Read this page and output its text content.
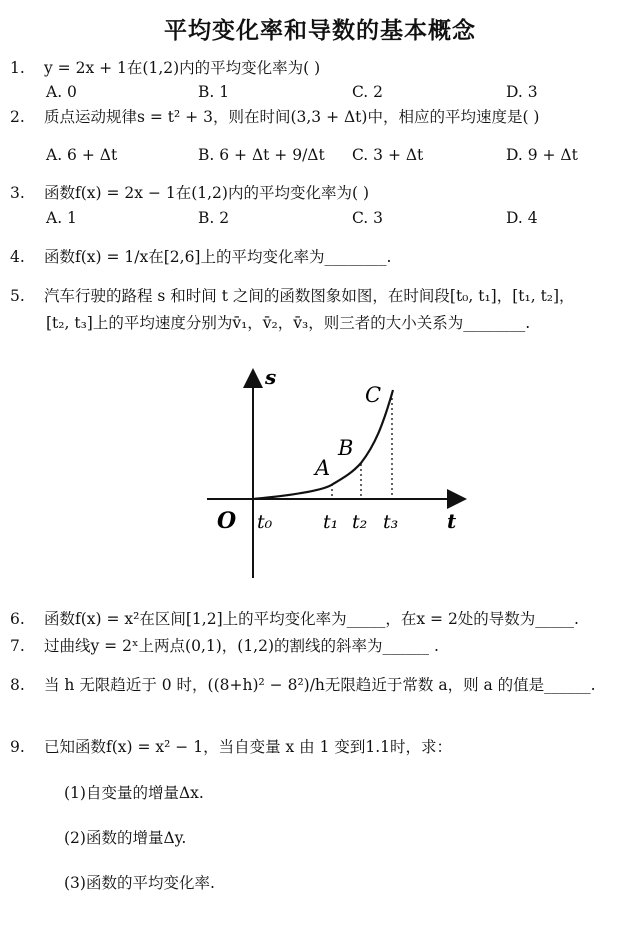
平均变化率和导数的基本概念
1. y = 2x + 1在(1,2)内的平均变化率为( )
A. 0	B. 1	C. 2	D. 3
2. 质点运动规律s = t² + 3，则在时间(3,3 + Δt)中，相应的平均速度是( )
A. 6 + Δt	B. 6 + Δt + 9/Δt C. 3 + Δt	D. 9 + Δt
3. 函数f(x) = 2x − 1在(1,2)内的平均变化率为( )
A. 1	B. 2	C. 3	D. 4
4. 函数f(x) = 1/x在[2,6]上的平均变化率为________.
5. 汽车行驶的路程 s 和时间 t 之间的函数图象如图，在时间段[t₀, t₁]，[t₁, t₂]，
[t₂, t₃]上的平均速度分别为v̄₁，v̄₂，v̄₃，则三者的大小关系为________.
s
t
O
A
B
C
t₀	t₁ t₂ t₃
6. 函数f(x) = x²在区间[1,2]上的平均变化率为_____，在x = 2处的导数为_____.
7. 过曲线y = 2ˣ上两点(0,1)，(1,2)的割线的斜率为______ .
8. 当 h 无限趋近于 0 时，((8+h)² − 8²)/h无限趋近于常数 a，则 a 的值是______.
9. 已知函数f(x) = x² − 1，当自变量 x 由 1 变到1.1时，求：
(1)自变量的增量Δx.
(2)函数的增量Δy.
(3)函数的平均变化率.
